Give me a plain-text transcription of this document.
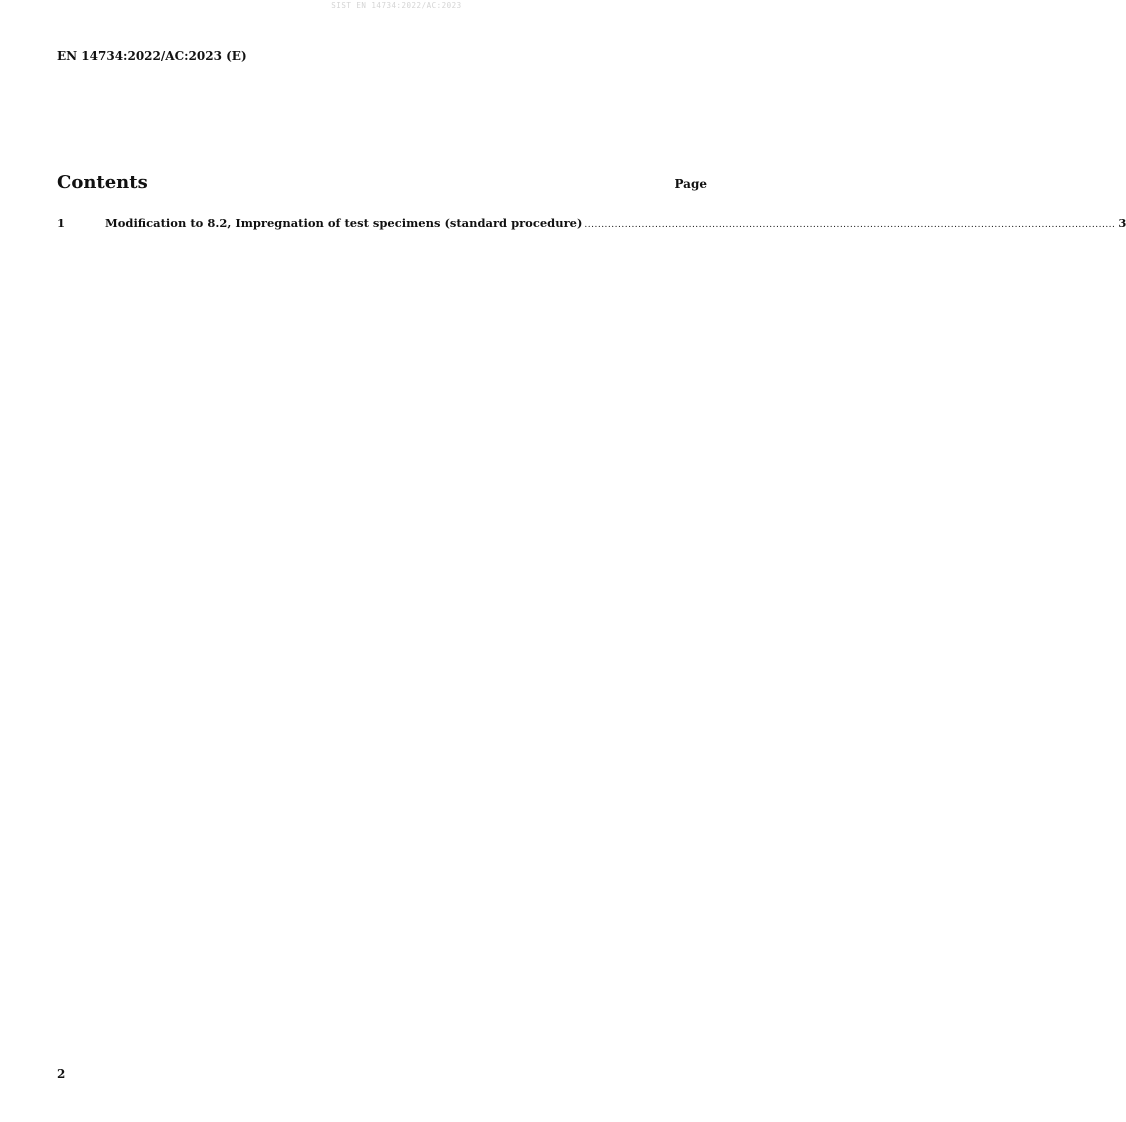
SIST EN 14734:2022/AC:2023
EN 14734:2022/AC:2023 (E)
Contents	Page
1	Modification to 8.2, Impregnation of test specimens (standard procedure)
.....	3
2
